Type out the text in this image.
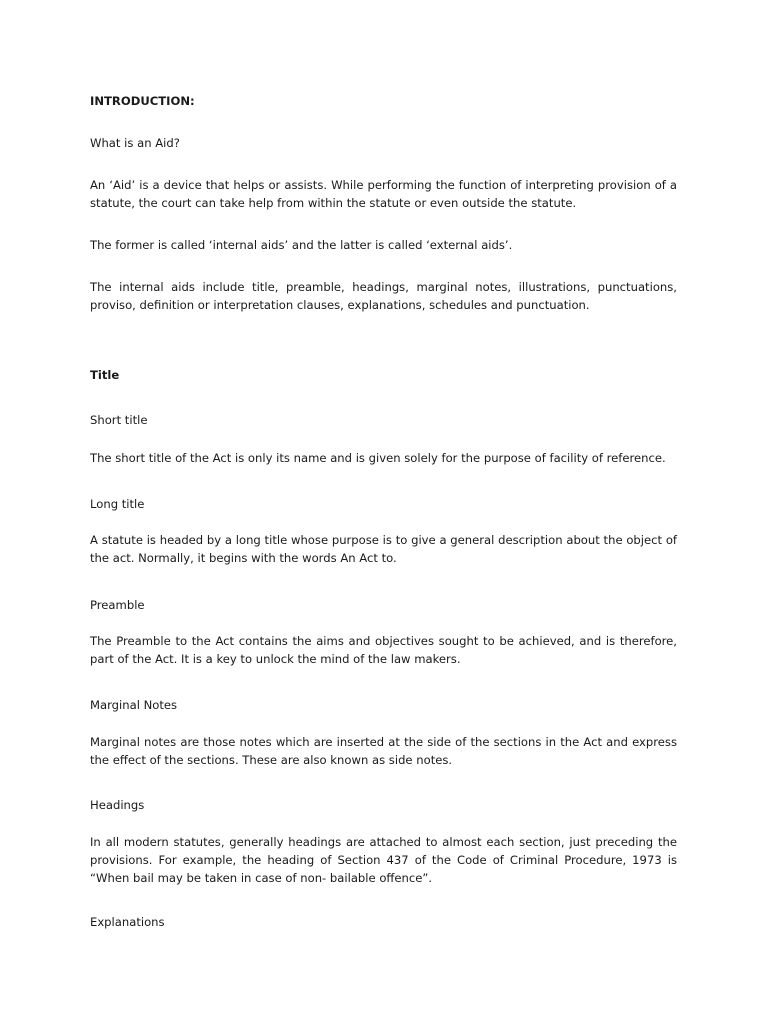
INTRODUCTION:

What is an Aid?

An ‘Aid’ is a device that helps or assists. While performing the function of interpreting provision of a statute, the court can take help from within the statute or even outside the statute.

The former is called ‘internal aids’ and the latter is called ‘external aids’.

The internal aids include title, preamble, headings, marginal notes, illustrations, punctuations, proviso, definition or interpretation clauses, explanations, schedules and punctuation.

Title

Short title

The short title of the Act is only its name and is given solely for the purpose of facility of reference.

Long title

A statute is headed by a long title whose purpose is to give a general description about the object of the act. Normally, it begins with the words An Act to.

Preamble

The Preamble to the Act contains the aims and objectives sought to be achieved, and is therefore, part of the Act. It is a key to unlock the mind of the law makers.

Marginal Notes

Marginal notes are those notes which are inserted at the side of the sections in the Act and express the effect of the sections. These are also known as side notes.

Headings

In all modern statutes, generally headings are attached to almost each section, just preceding the provisions. For example, the heading of Section 437 of the Code of Criminal Procedure, 1973 is “When bail may be taken in case of non- bailable offence”.

Explanations
